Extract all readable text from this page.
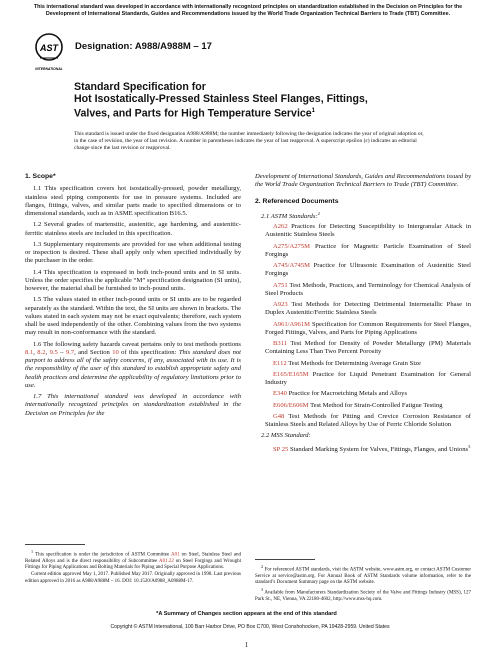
This international standard was developed in accordance with internationally recognized principles on standardization established in the Decision on Principles for the Development of International Standards, Guides and Recommendations issued by the World Trade Organization Technical Barriers to Trade (TBT) Committee.
AST
INTERNATIONAL
Designation: A988/A988M – 17
Standard Specification for
Hot Isostatically-Pressed Stainless Steel Flanges, Fittings,
Valves, and Parts for High Temperature Service$^1$
This standard is issued under the fixed designation A988/A988M; the number immediately following the designation indicates the year of original adoption or, in the case of revision, the year of last revision. A number in parentheses indicates the year of last reapproval. A superscript epsilon (ε) indicates an editorial change since the last revision or reapproval.
1. Scope*

1.1 This specification covers hot isostatically-pressed, powder metallurgy, stainless steel piping components for use in pressure systems. Included are flanges, fittings, valves, and similar parts made to specified dimensions or to dimensional standards, such as in ASME specification B16.5.

1.2 Several grades of martensitic, austenitic, age hardening, and austenitic-ferritic stainless steels are included in this specification.

1.3 Supplementary requirements are provided for use when additional testing or inspection is desired. These shall apply only when specified individually by the purchaser in the order.

1.4 This specification is expressed in both inch-pound units and in SI units. Unless the order specifies the applicable “M” specification designation (SI units), however, the material shall be furnished to inch-pound units.

1.5 The values stated in either inch-pound units or SI units are to be regarded separately as the standard. Within the text, the SI units are shown in brackets. The values stated in each system may not be exact equivalents; therefore, each system shall be used independently of the other. Combining values from the two systems may result in non-conformance with the standard.

1.6 The following safety hazards caveat pertains only to test methods portions 8.1, 8.2, 9.5 – 9.7, and Section 10 of this specification: This standard does not purport to address all of the safety concerns, if any, associated with its use. It is the responsibility of the user of this standard to establish appropriate safety and health practices and determine the applicability of regulatory limitations prior to use.

1.7 This international standard was developed in accordance with internationally recognized principles on standardization established in the Decision on Principles for the

$^1$ This specification is under the jurisdiction of ASTM Committee A01 on Steel, Stainless Steel and Related Alloys and is the direct responsibility of Subcommittee A01.22 on Steel Forgings and Wrought Fittings for Piping Applications and Bolting Materials for Piping and Special Purpose Applications.

Current edition approved May 1, 2017. Published May 2017. Originally approved in 1998. Last previous edition approved in 2016 as A988/A988M – 16. DOI: 10.1520/A0988_A0988M-17.

Development of International Standards, Guides and Recommendations issued by the World Trade Organization Technical Barriers to Trade (TBT) Committee.

2. Referenced Documents
2.1 ASTM Standards:$^2$

A262 Practices for Detecting Susceptibility to Intergranular Attack in Austenitic Stainless Steels

A275/A275M Practice for Magnetic Particle Examination of Steel Forgings

A745/A745M Practice for Ultrasonic Examination of Austenitic Steel Forgings

A751 Test Methods, Practices, and Terminology for Chemical Analysis of Steel Products

A923 Test Methods for Detecting Detrimental Intermetallic Phase in Duplex Austenitic/Ferritic Stainless Steels

A961/A961M Specification for Common Requirements for Steel Flanges, Forged Fittings, Valves, and Parts for Piping Applications

B311 Test Method for Density of Powder Metallurgy (PM) Materials Containing Less Than Two Percent Porosity

E112 Test Methods for Determining Average Grain Size

E165/E165M Practice for Liquid Penetrant Examination for General Industry

E340 Practice for Macroetching Metals and Alloys

E606/E606M Test Method for Strain-Controlled Fatigue Testing

G48 Test Methods for Pitting and Crevice Corrosion Resistance of Stainless Steels and Related Alloys by Use of Ferric Chloride Solution

2.2 MSS Standard:

SP 25 Standard Marking System for Valves, Fittings, Flanges, and Unions$^3$

$^2$ For referenced ASTM standards, visit the ASTM website, www.astm.org, or contact ASTM Customer Service at service@astm.org. For Annual Book of ASTM Standards volume information, refer to the standard’s Document Summary page on the ASTM website.

$^3$ Available from Manufacturers Standardization Society of the Valve and Fittings Industry (MSS), 127 Park St., NE, Vienna, VA 22180-4602, http://www.mss-hq.com.

*A Summary of Changes section appears at the end of this standard
Copyright © ASTM International, 100 Barr Harbor Drive, PO Box C700, West Conshohocken, PA 19428-2959. United States
1
